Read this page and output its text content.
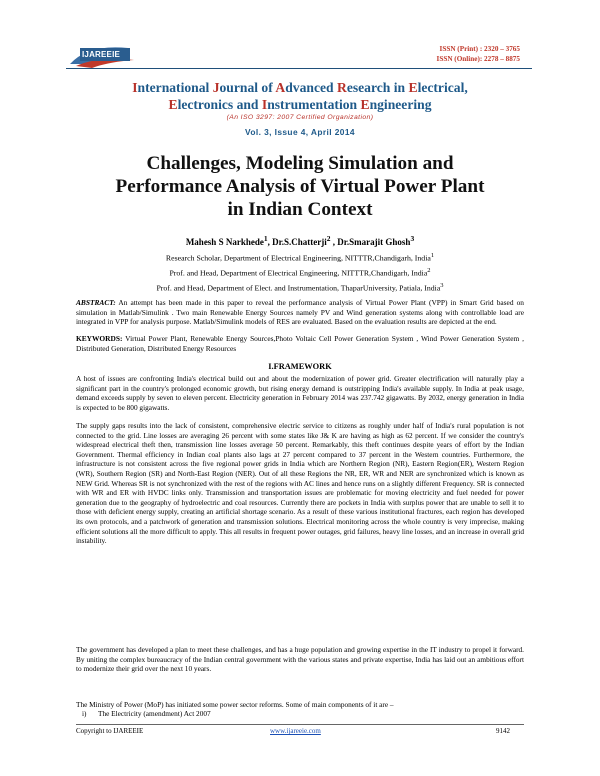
IJAREEIE
ISSN (Print) : 2320 – 3765
ISSN (Online): 2278 – 8875
International Journal of Advanced Research in Electrical,
Electronics and Instrumentation Engineering
(An ISO 3297: 2007 Certified Organization)
Vol. 3, Issue 4, April 2014
Challenges, Modeling Simulation and
Performance Analysis of Virtual Power Plant
in Indian Context
Mahesh S Narkhede$^1$, Dr.S.Chatterji$^2$ , Dr.Smarajit Ghosh$^3$
Research Scholar, Department of Electrical Engineering, NITTTR,Chandigarh, India$^1$
Prof. and Head, Department of Electrical Engineering, NITTTR,Chandigarh, India$^2$
Prof. and Head, Department of Elect. and Instrumentation, ThaparUniversity, Patiala, India$^3$
ABSTRACT: An attempt has been made in this paper to reveal the performance analysis of Virtual Power Plant (VPP) in Smart Grid based on simulation in Matlab/Simulink . Two main Renewable Energy Sources namely PV and Wind generation systems along with controllable load are integrated in VPP for analysis purpose. Matlab/Simulink models of RES are evaluated. Based on the evaluation results are depicted at the end.
KEYWORDS: Virtual Power Plant, Renewable Energy Sources,Photo Voltaic Cell Power Generation System , Wind Power Generation System , Distributed Generation, Distributed Energy Resources
I.FRAMEWORK
A host of issues are confronting India's electrical build out and about the modernization of power grid. Greater electrification will naturally play a significant part in the country's prolonged economic growth, but rising energy demand is outstripping India's available supply. In India at peak usage, demand exceeds supply by seven to eleven percent. Electricity generation in February 2014 was 237.742 gigawatts. By 2032, energy generation in India is expected to be 800 gigawatts.
The supply gaps results into the lack of consistent, comprehensive electric service to citizens as roughly under half of India's rural population is not connected to the grid. Line losses are averaging 26 percent with some states like J& K are having as high as 62 percent. If we consider the country's widespread electrical theft then, transmission line losses average 50 percent. Remarkably, this theft continues despite years of effort by the Indian Government. Thermal efficiency in Indian coal plants also lags at 27 percent compared to 37 percent in the Western countries. Furthermore, the infrastructure is not consistent across the five regional power grids in India which are Northern Region (NR), Eastern Region(ER), Western Region (WR), Southern Region (SR) and North-East Region (NER). Out of all these Regions the NR, ER, WR and NER are synchronized which is known as NEW Grid. Whereas SR is not synchronized with the rest of the regions with AC lines and hence runs on a slightly different Frequency. SR is connected with WR and ER with HVDC links only. Transmission and transportation issues are problematic for moving electricity and fuel needed for power generation due to the geography of hydroelectric and coal resources. Currently there are pockets in India with surplus power that are unable to sell it to those with deficient energy supply, creating an artificial shortage scenario. As a result of these various institutional fractures, each region has developed its own protocols, and a patchwork of generation and transmission solutions. Electrical monitoring across the whole country is very imprecise, making efficient solutions all the more difficult to apply. This all results in frequent power outages, grid failures, heavy line losses, and an increase in overall grid instability.
The government has developed a plan to meet these challenges, and has a huge population and growing expertise in the IT industry to propel it forward. By uniting the complex bureaucracy of the Indian central government with the various states and private expertise, India has laid out an ambitious effort to modernize their grid over the next 10 years.
The Ministry of Power (MoP) has initiated some power sector reforms. Some of main components of it are –
i) The Electricity (amendment) Act 2007
Copyright to IJAREEIE	www.ijareeie.com	9142
